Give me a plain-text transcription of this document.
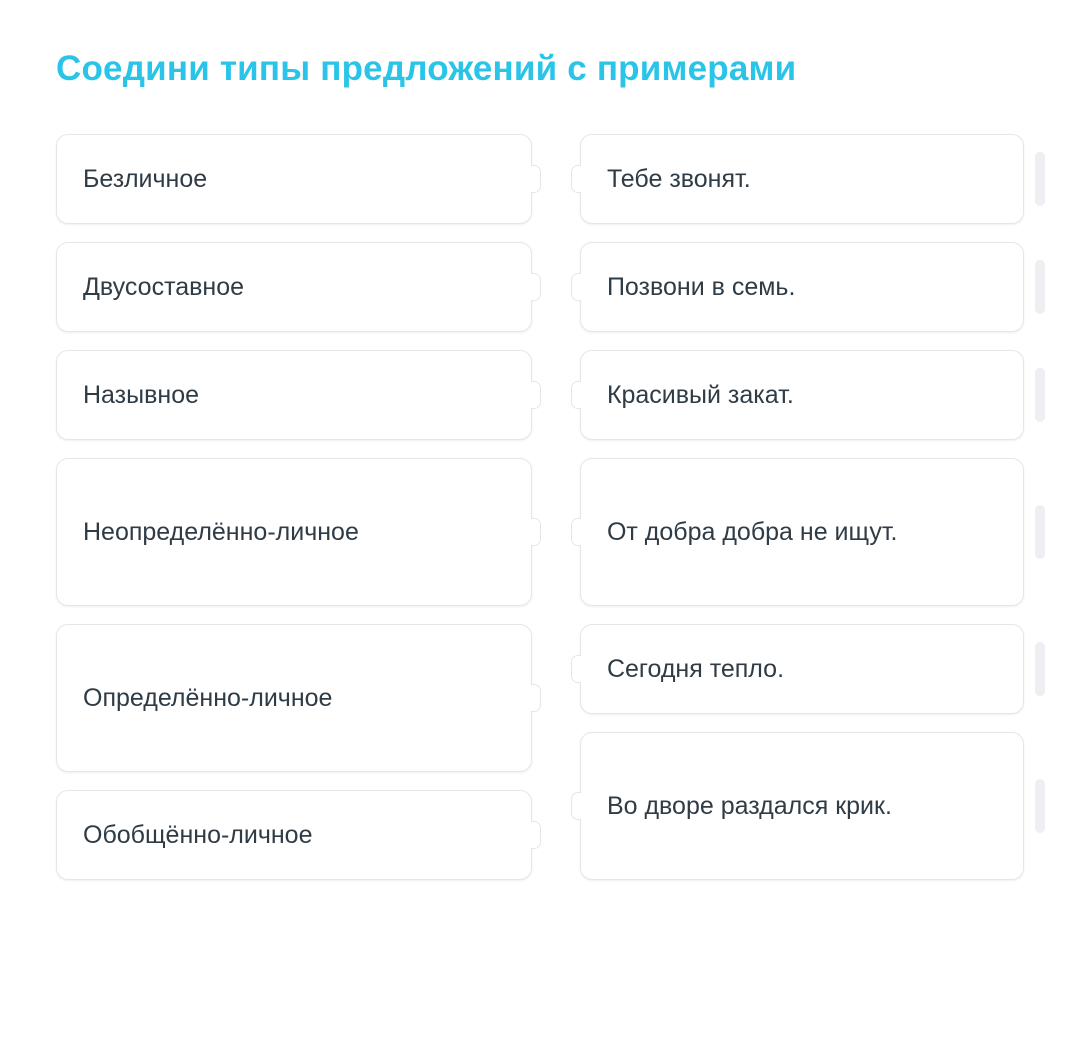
Соедини типы предложений с примерами
Безличное
Двусоставное
Назывное
Неопределённо-личное
Определённо-личное
Обобщённо-личное
Тебе звонят.
Позвони в семь.
Красивый закат.
От добра добра не ищут.
Сегодня тепло.
Во дворе раздался крик.
